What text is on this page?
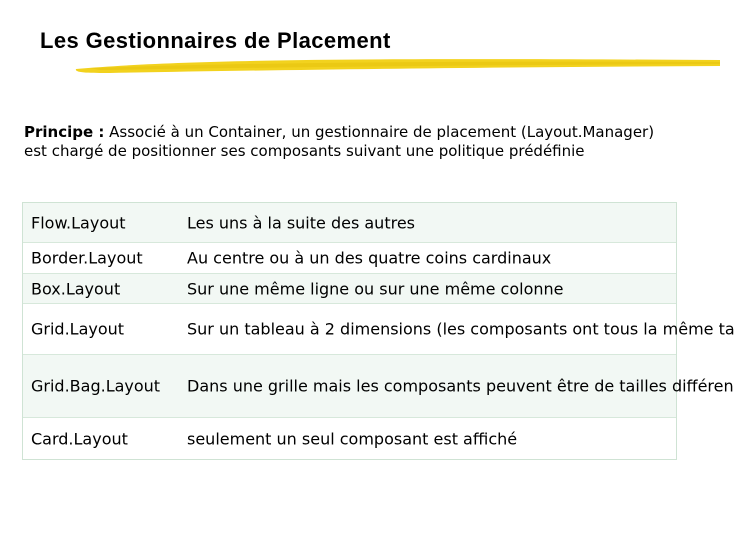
Les Gestionnaires de Placement
Principe : Associé à un Container, un gestionnaire de placement (Layout.Manager)
est chargé de positionner ses composants suivant une politique prédéfinie
Flow.Layout	Les uns à la suite des autres
Border.Layout	Au centre ou à un des quatre coins cardinaux
Box.Layout	Sur une même ligne ou sur une même colonne
Grid.Layout	Sur un tableau à 2 dimensions (les composants ont tous la même ta
Grid.Bag.Layout Dans une grille mais les composants peuvent être de tailles différen
Card.Layout	seulement un seul composant est affiché
